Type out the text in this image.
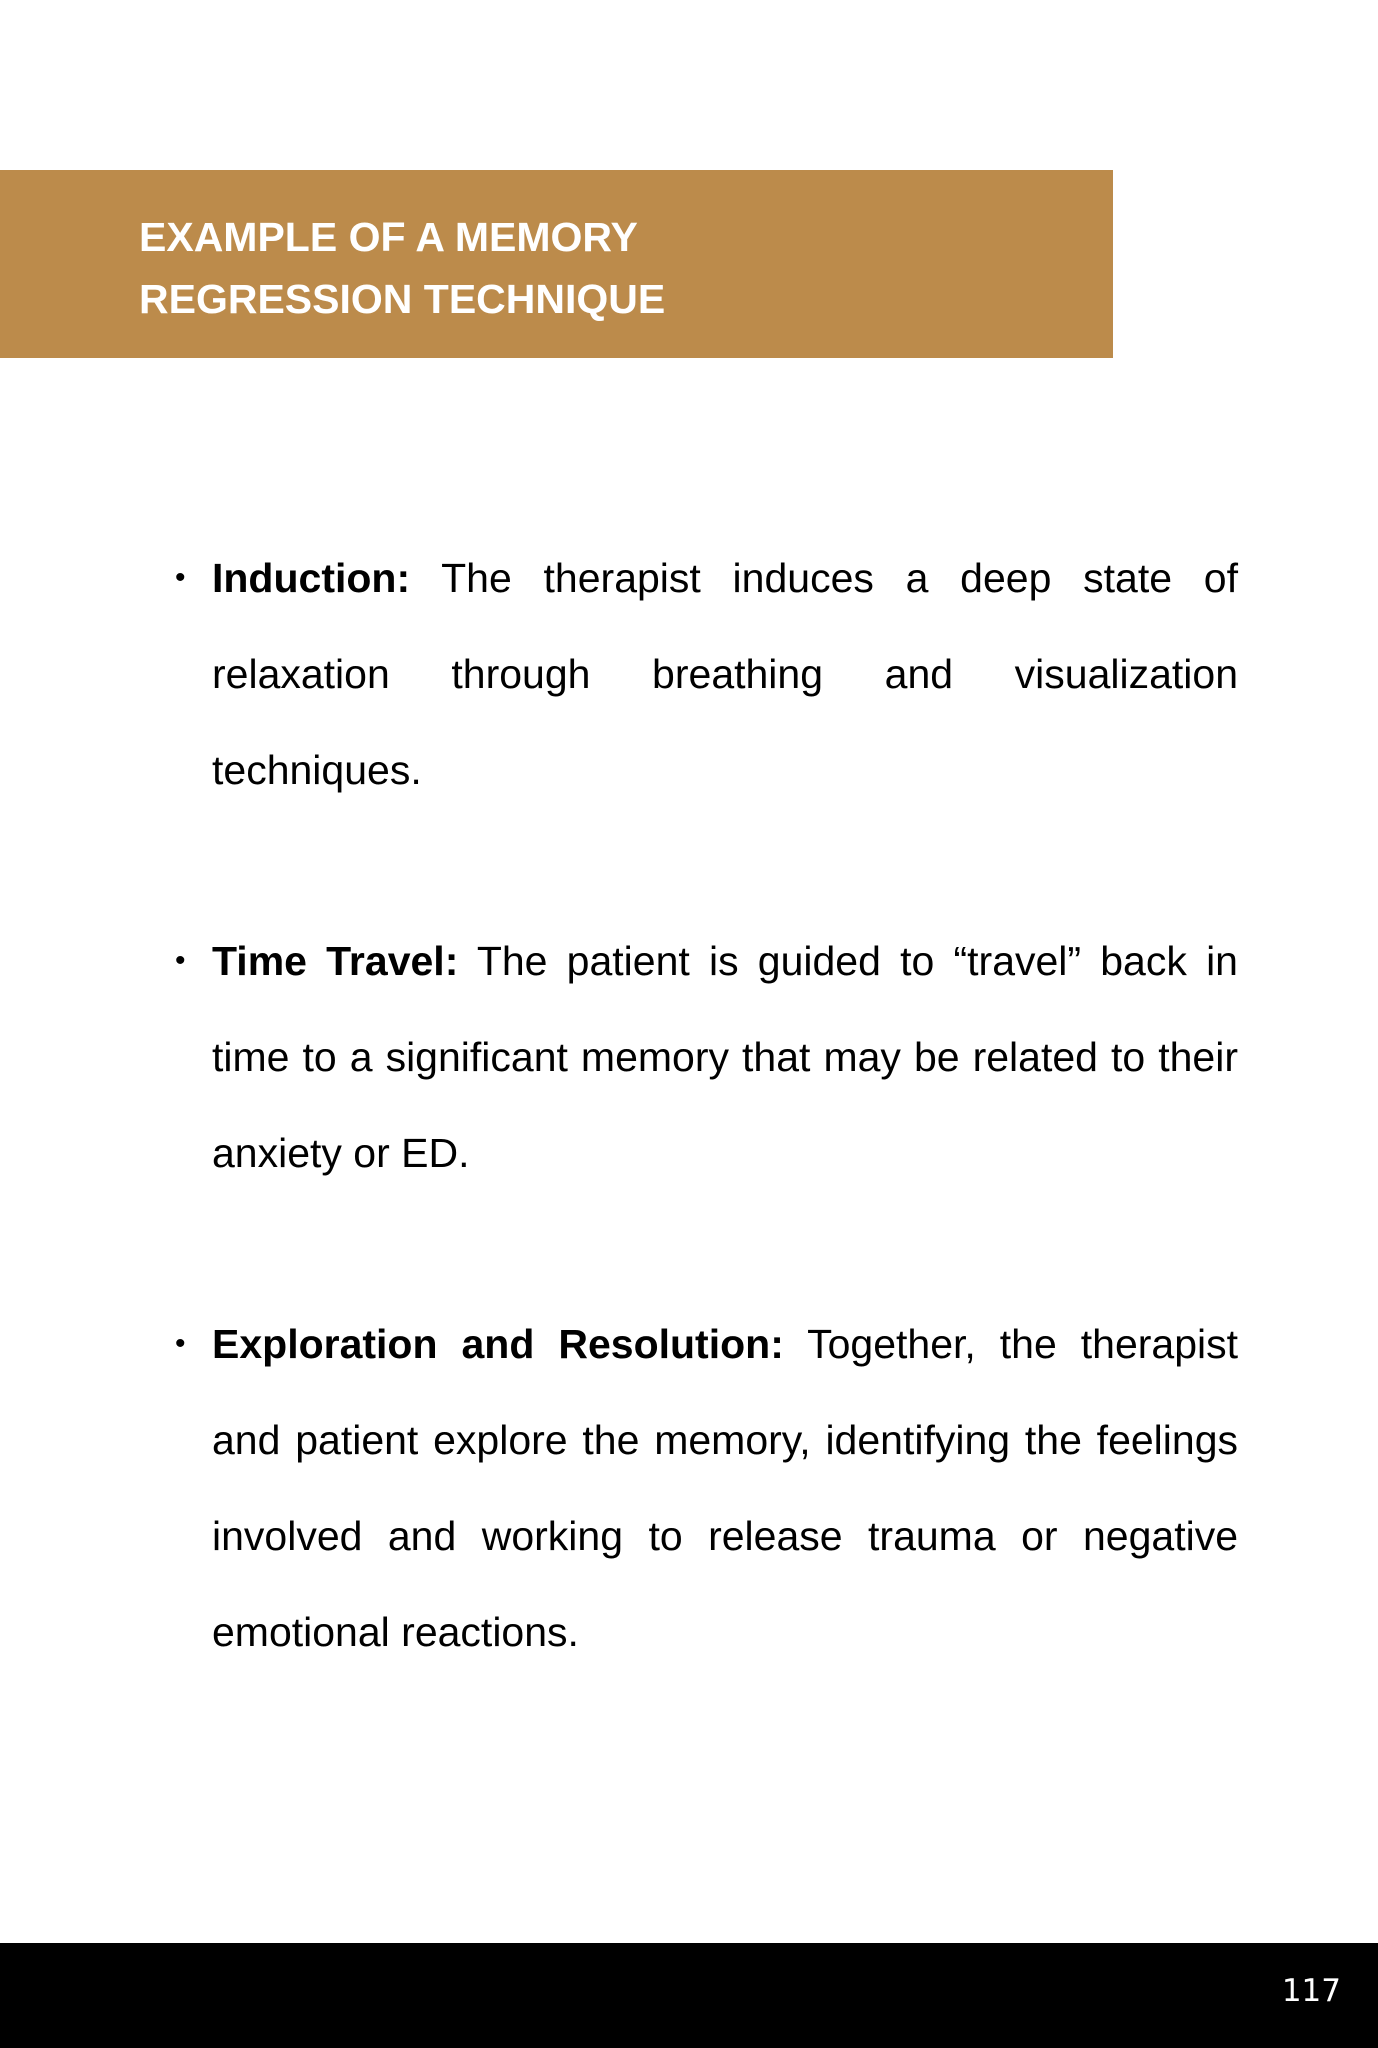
EXAMPLE OF A MEMORY
REGRESSION TECHNIQUE

• Induction: The therapist induces a deep state of relaxation through breathing and visualization techniques.

• Time Travel: The patient is guided to “travel” back in time to a significant memory that may be related to their anxiety or ED.

• Exploration and Resolution: Together, the therapist and patient explore the memory, identifying the feelings involved and working to release trauma or negative emotional reactions.

117
